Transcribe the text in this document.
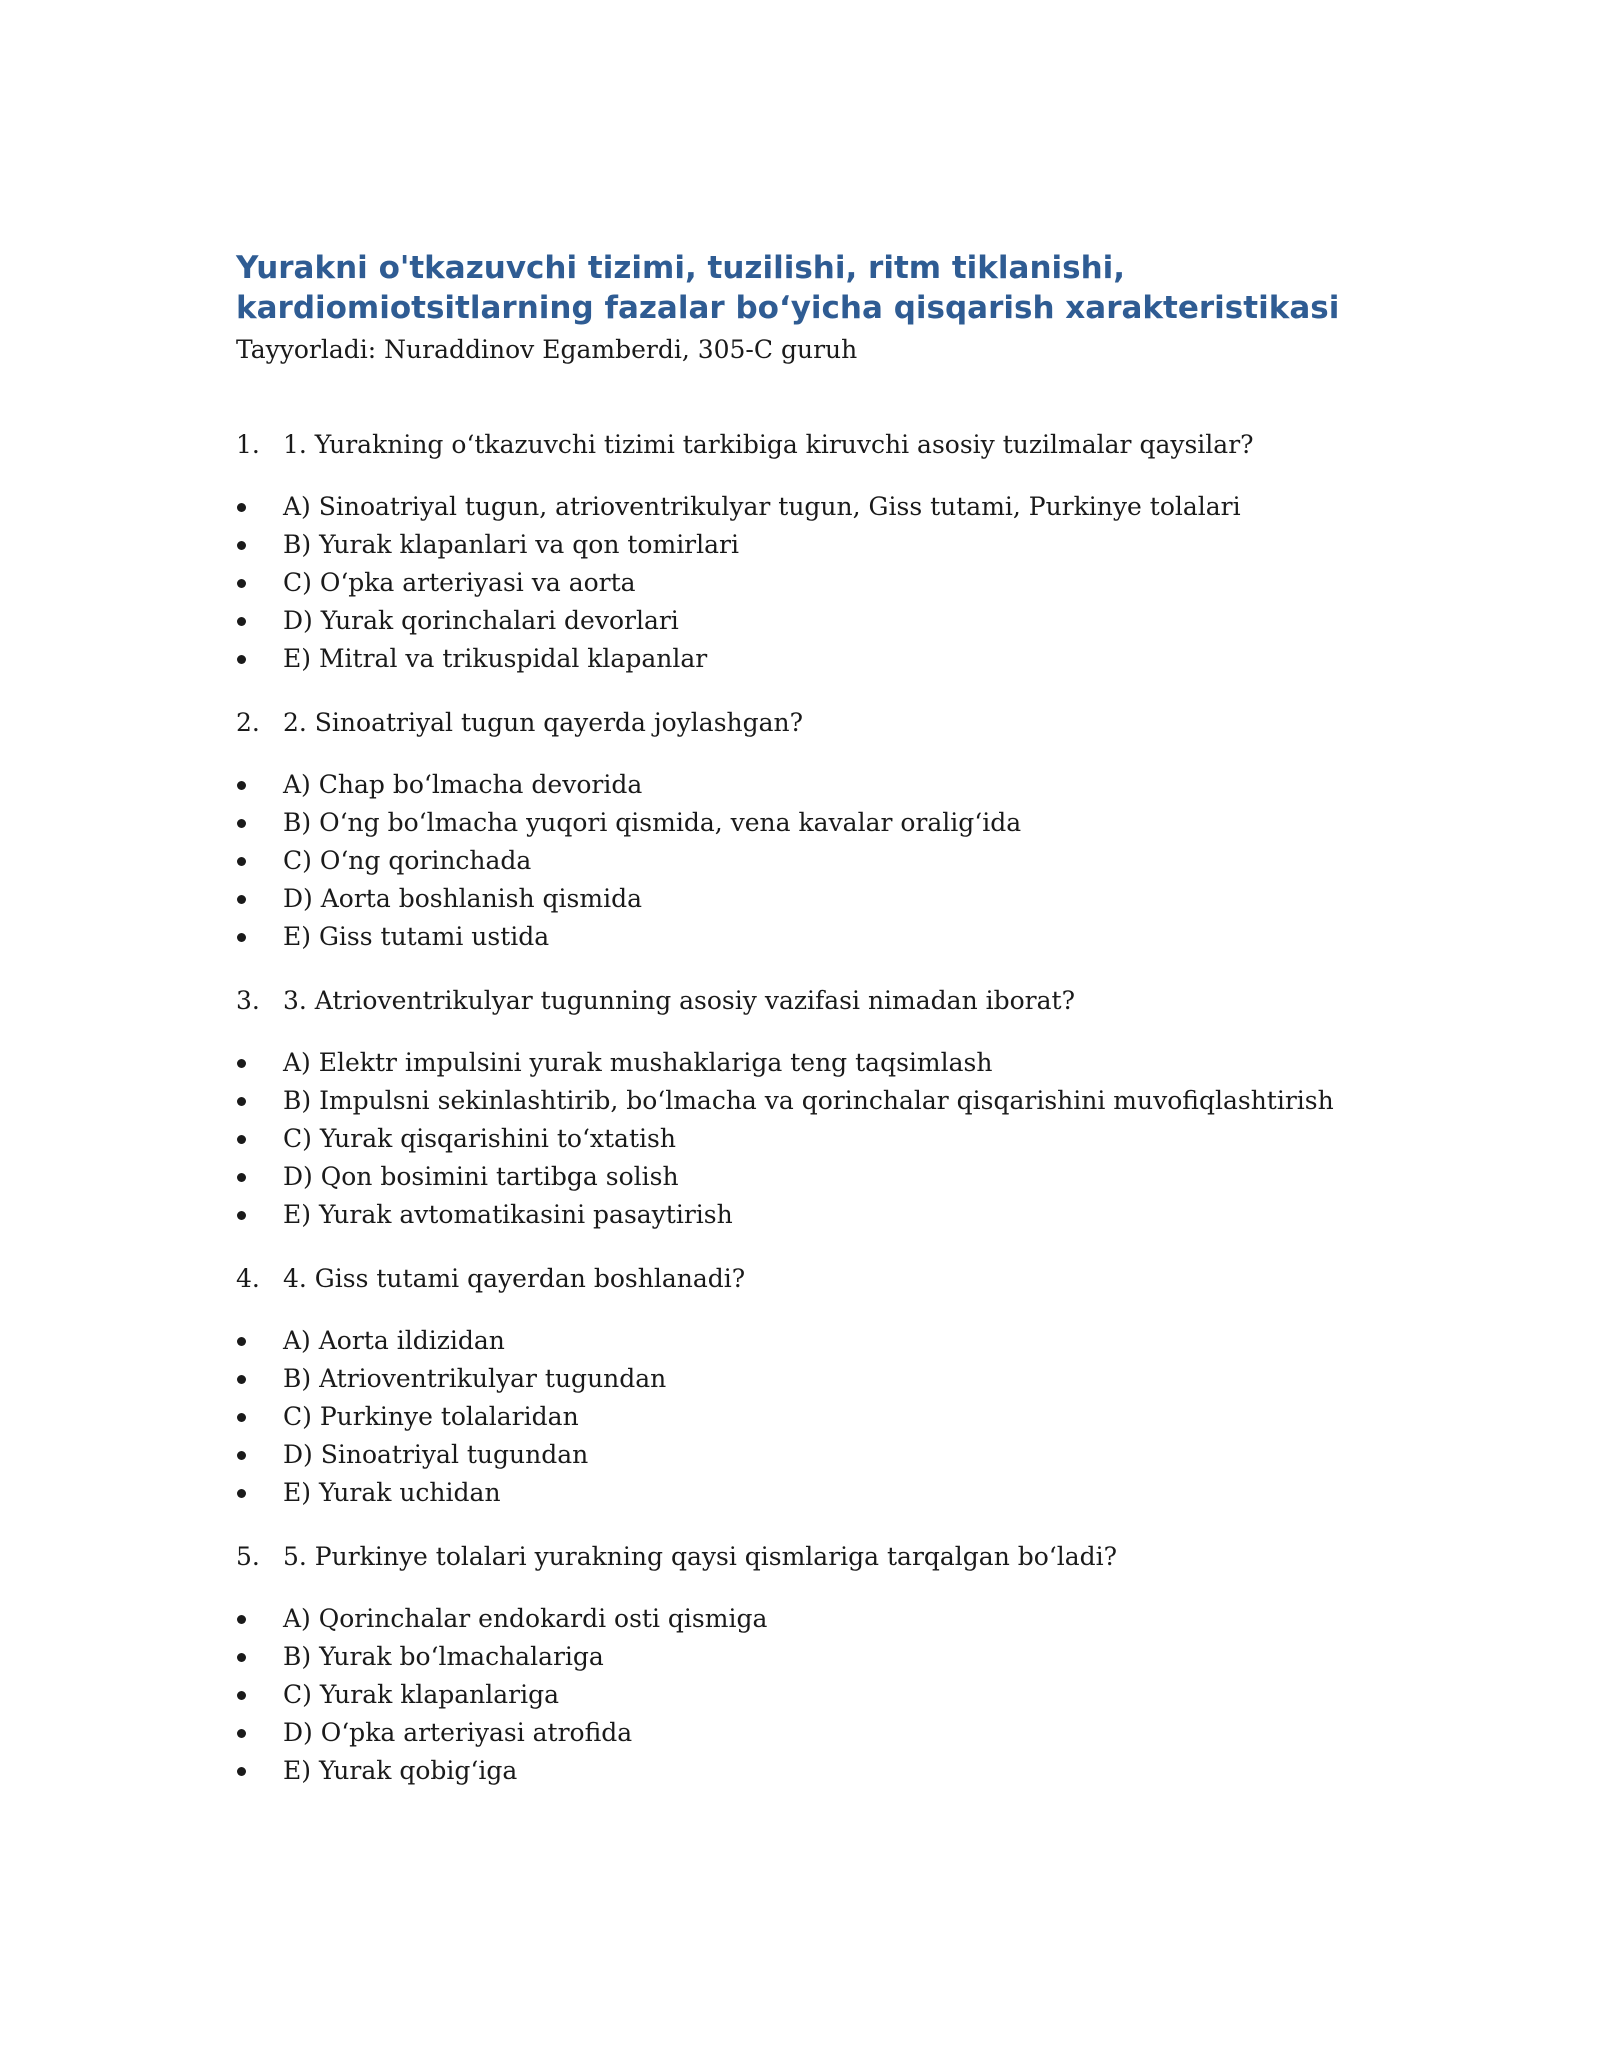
Yurakni o'tkazuvchi tizimi, tuzilishi, ritm tiklanishi, kardiomiotsitlarning fazalar bo‘yicha qisqarish xarakteristikasi

Tayyorladi: Nuraddinov Egamberdi, 305-C guruh

1. 1. Yurakning o‘tkazuvchi tizimi tarkibiga kiruvchi asosiy tuzilmalar qaysilar?
A) Sinoatriyal tugun, atrioventrikulyar tugun, Giss tutami, Purkinye tolalari
B) Yurak klapanlari va qon tomirlari
C) O‘pka arteriyasi va aorta
D) Yurak qorinchalari devorlari
E) Mitral va trikuspidal klapanlar
2. 2. Sinoatriyal tugun qayerda joylashgan?
A) Chap bo‘lmacha devorida
B) O‘ng bo‘lmacha yuqori qismida, vena kavalar oralig‘ida
C) O‘ng qorinchada
D) Aorta boshlanish qismida
E) Giss tutami ustida
3. 3. Atrioventrikulyar tugunning asosiy vazifasi nimadan iborat?
A) Elektr impulsini yurak mushaklariga teng taqsimlash
B) Impulsni sekinlashtirib, bo‘lmacha va qorinchalar qisqarishini muvofiqlashtirish
C) Yurak qisqarishini to‘xtatish
D) Qon bosimini tartibga solish
E) Yurak avtomatikasini pasaytirish
4. 4. Giss tutami qayerdan boshlanadi?
A) Aorta ildizidan
B) Atrioventrikulyar tugundan
C) Purkinye tolalaridan
D) Sinoatriyal tugundan
E) Yurak uchidan
5. 5. Purkinye tolalari yurakning qaysi qismlariga tarqalgan bo‘ladi?
A) Qorinchalar endokardi osti qismiga
B) Yurak bo‘lmachalariga
C) Yurak klapanlariga
D) O‘pka arteriyasi atrofida
E) Yurak qobig‘iga
